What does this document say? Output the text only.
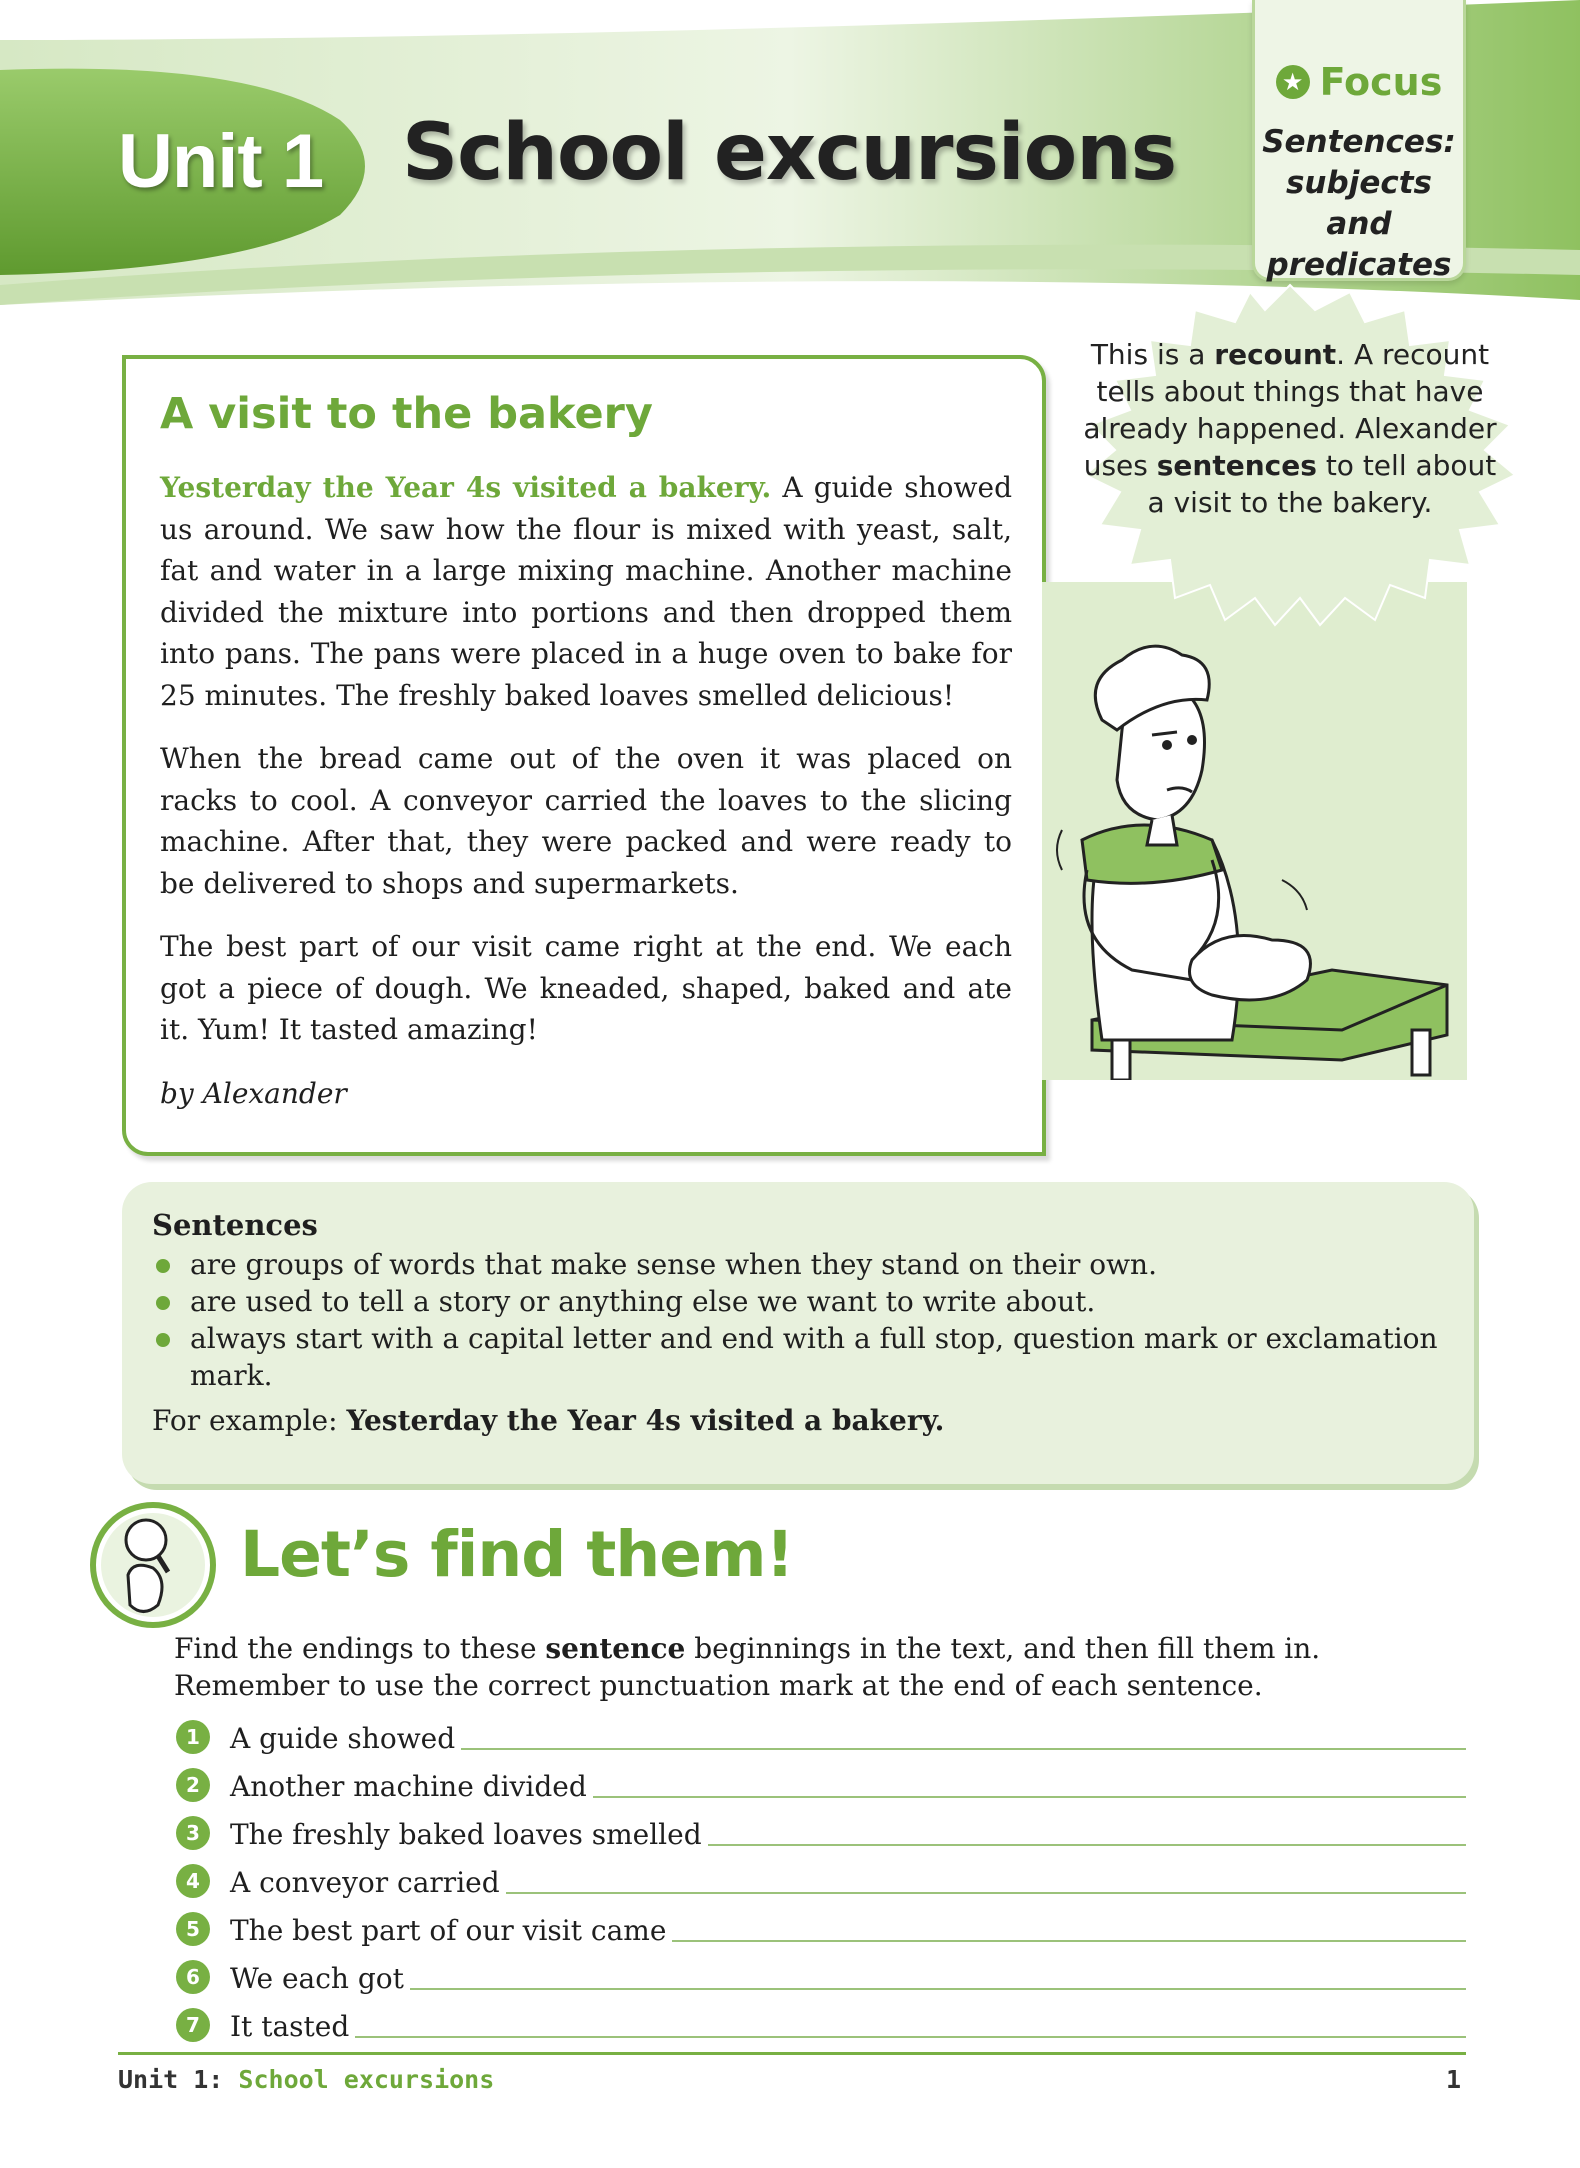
Unit 1 School excursions
★ Focus
Sentences:
subjects and
predicates
A visit to the bakery

Yesterday the Year 4s visited a bakery. A guide showed us around. We saw how the flour is mixed with yeast, salt, fat and water in a large mixing machine. Another machine divided the mixture into portions and then dropped them into pans. The pans were placed in a huge oven to bake for 25 minutes. The freshly baked loaves smelled delicious!

When the bread came out of the oven it was placed on racks to cool. A conveyor carried the loaves to the slicing machine. After that, they were packed and were ready to be delivered to shops and supermarkets.

The best part of our visit came right at the end. We each got a piece of dough. We kneaded, shaped, baked and ate it. Yum! It tasted amazing!

by Alexander

This is a recount. A recount tells about things that have already happened. Alexander uses sentences to tell about a visit to the bakery.
Sentences
are groups of words that make sense when they stand on their own.
are used to tell a story or anything else we want to write about.
always start with a capital letter and end with a full stop, question mark or exclamation mark.
For example: Yesterday the Year 4s visited a bakery.
Let’s find them!
Find the endings to these sentence beginnings in the text, and then fill them in. Remember to use the correct punctuation mark at the end of each sentence.
1	A guide showed
2	Another machine divided
3	The freshly baked loaves smelled
4	A conveyor carried
5	The best part of our visit came
6	We each got
7	It tasted
Unit 1: School excursions	1
